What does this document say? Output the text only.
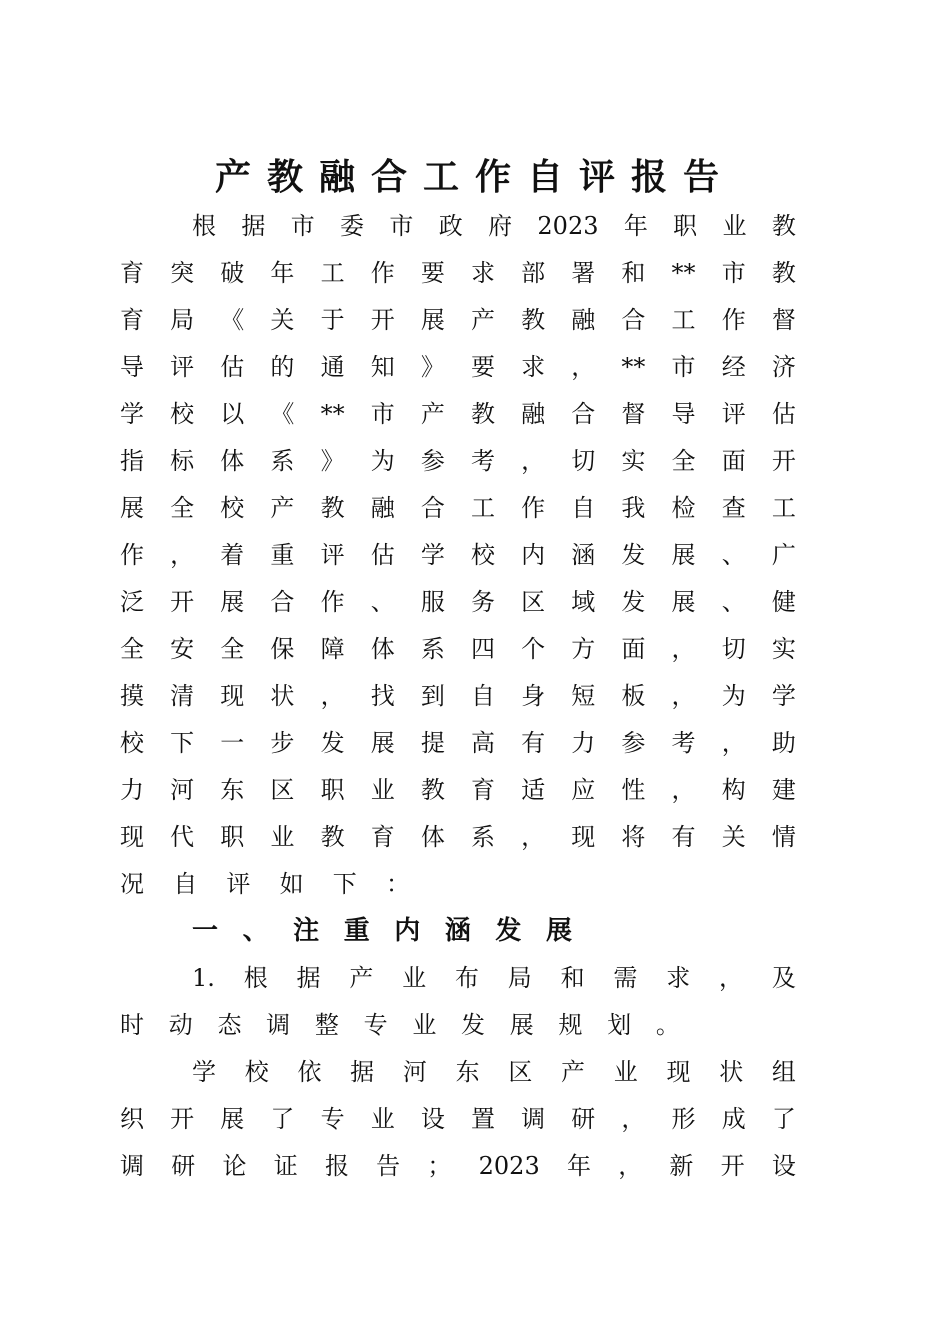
产教融合工作自评报告
根 据 市 委 市 政 府 2023 年 职 业 教
育 突 破 年 工 作 要 求 部 署 和 ** 市 教
育 局 《 关 于 开 展 产 教 融 合 工 作 督
导 评 估 的 通 知 》 要 求 ， ** 市 经 济
学 校 以 《 ** 市 产 教 融 合 督 导 评 估
指 标 体 系 》 为 参 考 ， 切 实 全 面 开
展 全 校 产 教 融 合 工 作 自 我 检 查 工
作 ， 着 重 评 估 学 校 内 涵 发 展 、 广
泛 开 展 合 作 、 服 务 区 域 发 展 、 健
全 安 全 保 障 体 系 四 个 方 面 ， 切 实
摸 清 现 状 ， 找 到 自 身 短 板 ， 为 学
校 下 一 步 发 展 提 高 有 力 参 考 ， 助
力 河 东 区 职 业 教 育 适 应 性 ， 构 建
现 代 职 业 教 育 体 系 ， 现 将 有 关 情
况 自 评 如 下 ：
一 、 注 重 内 涵 发 展
1. 根 据 产 业 布 局 和 需 求 ， 及
时 动 态 调 整 专 业 发 展 规 划 。
学 校 依 据 河 东 区 产 业 现 状 组
织 开 展 了 专 业 设 置 调 研 ， 形 成 了
调 研 论 证 报 告 ； 2023 年 ， 新 开 设
